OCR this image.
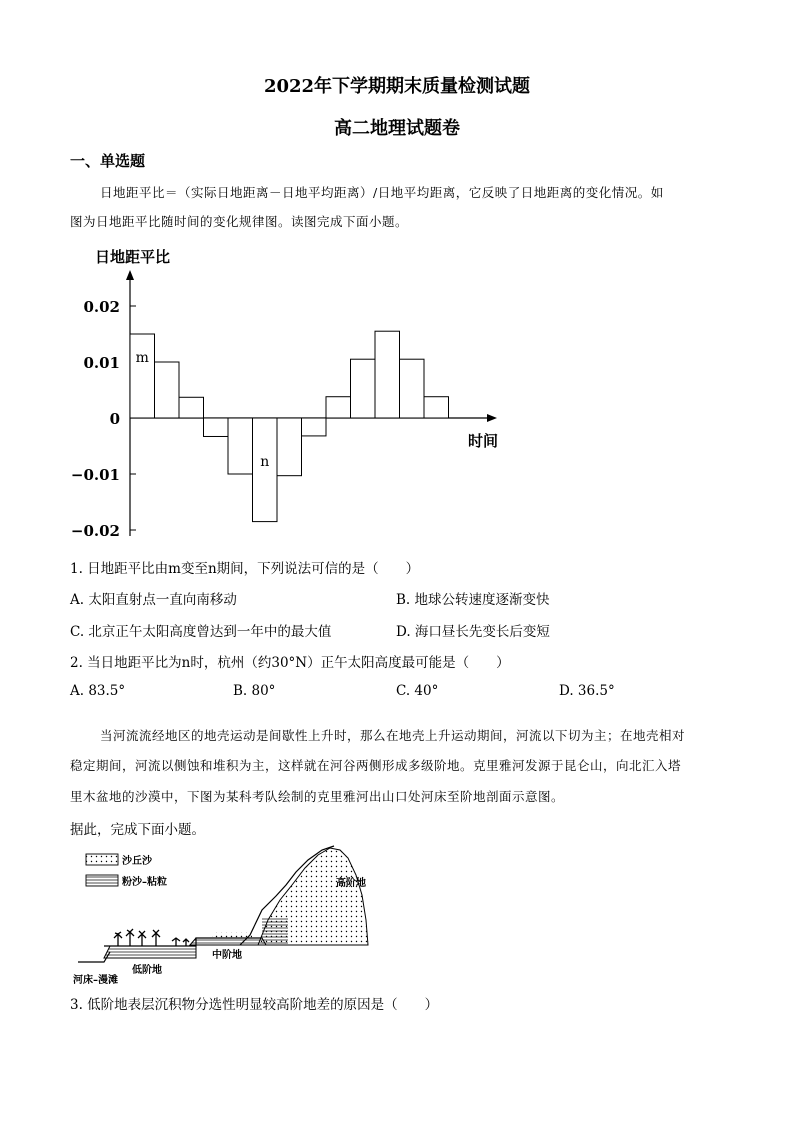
2022年下学期期末质量检测试题
高二地理试题卷
一、单选题
日地距平比＝（实际日地距离－日地平均距离）/日地平均距离，它反映了日地距离的变化情况。如
图为日地距平比随时间的变化规律图。读图完成下面小题。
日地距平比
时间
0.02
0.01
0
−0.01
−0.02
m
n
1. 日地距平比由m变至n期间，下列说法可信的是（　　）
A. 太阳直射点一直向南移动	B. 地球公转速度逐渐变快
C. 北京正午太阳高度曾达到一年中的最大值	D. 海口昼长先变长后变短
2. 当日地距平比为n时，杭州（约30°N）正午太阳高度最可能是（　　）
A. 83.5°	B. 80°	C. 40°	D. 36.5°
当河流流经地区的地壳运动是间歇性上升时，那么在地壳上升运动期间，河流以下切为主；在地壳相对
稳定期间，河流以侧蚀和堆积为主，这样就在河谷两侧形成多级阶地。克里雅河发源于昆仑山，向北汇入塔
里木盆地的沙漠中，下图为某科考队绘制的克里雅河出山口处河床至阶地剖面示意图。
据此，完成下面小题。
沙丘沙
粉沙–粘粒	高阶地
中阶地
低阶地
河床–漫滩
3. 低阶地表层沉积物分选性明显较高阶地差的原因是（　　）
